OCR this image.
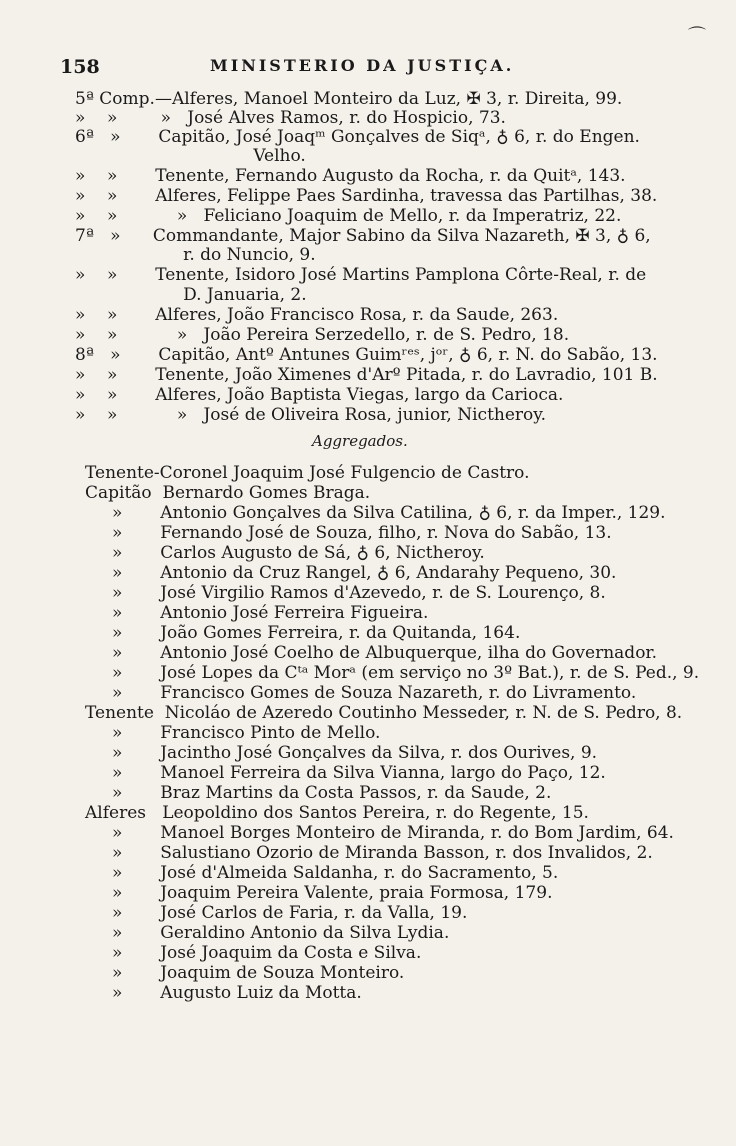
⌒
158	MINISTERIO DA JUSTIÇA.
5ª Comp.—Alferes, Manoel Monteiro da Luz, ✠ 3, r. Direita, 99.
»    »        »   José Alves Ramos, r. do Hospicio, 73.
6ª   »       Capitão, José Joaqᵐ Gonçalves de Siqᵃ, ♁ 6, r. do Engen.
Velho.
»    »       Tenente, Fernando Augusto da Rocha, r. da Quitᵃ, 143.
»    »       Alferes, Felippe Paes Sardinha, travessa das Partilhas, 38.
»    »           »   Feliciano Joaquim de Mello, r. da Imperatriz, 22.
7ª   »      Commandante, Major Sabino da Silva Nazareth, ✠ 3, ♁ 6,
r. do Nuncio, 9.
»    »       Tenente, Isidoro José Martins Pamplona Côrte-Real, r. de
D. Januaria, 2.
»    »       Alferes, João Francisco Rosa, r. da Saude, 263.
»    »           »   João Pereira Serzedello, r. de S. Pedro, 18.
8ª   »       Capitão, Antº Antunes Guimʳᵉˢ, jᵒʳ, ♁ 6, r. N. do Sabão, 13.
»    »       Tenente, João Ximenes d'Arº Pitada, r. do Lavradio, 101 B.
»    »       Alferes, João Baptista Viegas, largo da Carioca.
»    »           »   José de Oliveira Rosa, junior, Nictheroy.
Aggregados.
Tenente-Coronel Joaquim José Fulgencio de Castro.
Capitão  Bernardo Gomes Braga.
»       Antonio Gonçalves da Silva Catilina, ♁ 6, r. da Imper., 129.
»       Fernando José de Souza, filho, r. Nova do Sabão, 13.
»       Carlos Augusto de Sá, ♁ 6, Nictheroy.
»       Antonio da Cruz Rangel, ♁ 6, Andarahy Pequeno, 30.
»       José Virgilio Ramos d'Azevedo, r. de S. Lourenço, 8.
»       Antonio José Ferreira Figueira.
»       João Gomes Ferreira, r. da Quitanda, 164.
»       Antonio José Coelho de Albuquerque, ilha do Governador.
»       José Lopes da Cᵗᵃ Morᵃ (em serviço no 3º Bat.), r. de S. Ped., 9.
»       Francisco Gomes de Souza Nazareth, r. do Livramento.
Tenente  Nicoláo de Azeredo Coutinho Messeder, r. N. de S. Pedro, 8.
»       Francisco Pinto de Mello.
»       Jacintho José Gonçalves da Silva, r. dos Ourives, 9.
»       Manoel Ferreira da Silva Vianna, largo do Paço, 12.
»       Braz Martins da Costa Passos, r. da Saude, 2.
Alferes   Leopoldino dos Santos Pereira, r. do Regente, 15.
»       Manoel Borges Monteiro de Miranda, r. do Bom Jardim, 64.
»       Salustiano Ozorio de Miranda Basson, r. dos Invalidos, 2.
»       José d'Almeida Saldanha, r. do Sacramento, 5.
»       Joaquim Pereira Valente, praia Formosa, 179.
»       José Carlos de Faria, r. da Valla, 19.
»       Geraldino Antonio da Silva Lydia.
»       José Joaquim da Costa e Silva.
»       Joaquim de Souza Monteiro.
»       Augusto Luiz da Motta.
